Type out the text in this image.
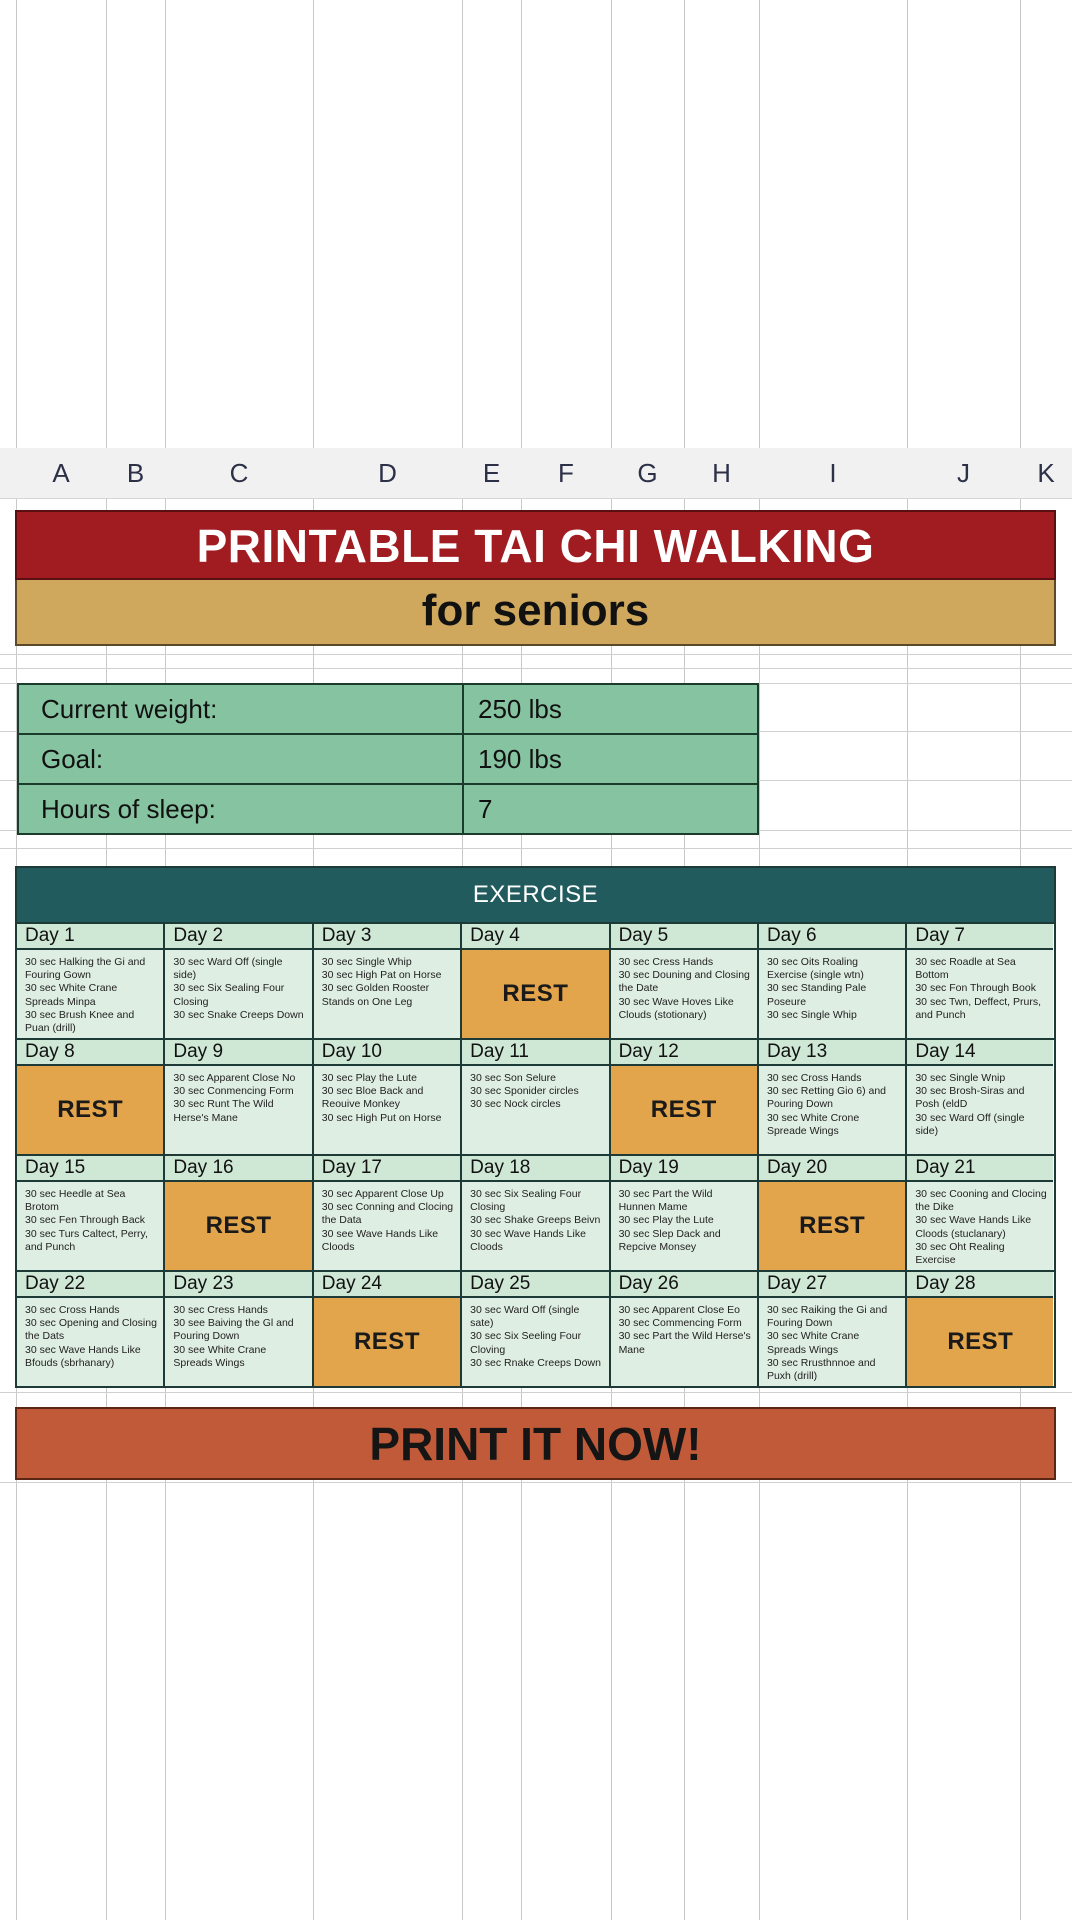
A	B	C	D	E	F	G	H	I	J	K
PRINTABLE TAI CHI WALKING
for seniors
Current weight:	250 lbs
Goal:	190 lbs
Hours of sleep:	7
EXERCISE
Day 1
30 sec Halking the Gi and Fouring Gown
30 sec White Crane Spreads Minpa
30 sec Brush Knee and Puan (drill)
Day 2
30 sec Ward Off (single side)
30 sec Six Sealing Four Closing
30 sec Snake Creeps Down
Day 3
30 sec Single Whip
30 sec High Pat on Horse
30 sec Golden Rooster Stands on One Leg
Day 4
REST
Day 5
30 sec Cress Hands
30 sec Douning and Closing the Date
30 sec Wave Hoves Like Clouds (stotionary)
Day 6
30 sec Oits Roaling Exercise (single wtn)
30 sec Standing Pale Poseure
30 sec Single Whip
Day 7
30 sec Roadle at Sea Bottom
30 sec Fon Through Book
30 sec Twn, Deffect, Prurs, and Punch
Day 8
REST
Day 9
30 sec Apparent Close No
30 sec Conmencing Form
30 sec Runt The Wild Herse's Mane
Day 10
30 sec Play the Lute
30 sec Bloe Back and Reouive Monkey
30 sec High Put on Horse
Day 11
30 sec Son Selure
30 sec Sponider circles
30 sec Nock circles
Day 12
REST
Day 13
30 sec Cross Hands
30 sec Retting Gio 6) and Pouring Down
30 sec White Crone Spreade Wings
Day 14
30 sec Single Wnip
30 sec Brosh-Siras and Posh (eldD
30 sec Ward Off (single side)
Day 15
30 sec Heedle at Sea Brotom
30 sec Fen Through Back
30 sec Turs Caltect, Perry, and Punch
Day 16
REST
Day 17
30 sec Apparent Close Up
30 sec Conning and Clocing the Data
30 see Wave Hands Like Cloods
Day 18
30 sec Six Sealing Four Closing
30 sec Shake Greeps Beivn
30 sec Wave Hands Like Cloods
Day 19
30 sec Part the Wild Hunnen Mame
30 sec Play the Lute
30 sec Slep Dack and Repcive Monsey
Day 20
REST
Day 21
30 sec Cooning and Clocing the Dike
30 sec Wave Hands Like Cloods (stuclanary)
30 sec Oht Realing Exercise
Day 22
30 sec Cross Hands
30 sec Opening and Closing the Dats
30 sec Wave Hands Like Bfouds (sbrhanary)
Day 23
30 sec Cress Hands
30 see Baiving the Gl and Pouring Down
30 see White Crane Spreads Wings
Day 24
REST
Day 25
30 sec Ward Off (single sate)
30 sec Six Seeling Four Cloving
30 sec Rnake Creeps Down
Day 26
30 sec Apparent Close Eo
30 sec Commencing Form
30 sec Part the Wild Herse's Mane
Day 27
30 sec Raiking the Gi and Fouring Down
30 sec White Crane Spreads Wings
30 sec Rrusthnnoe and Puxh (drill)
Day 28
REST
PRINT IT NOW!
